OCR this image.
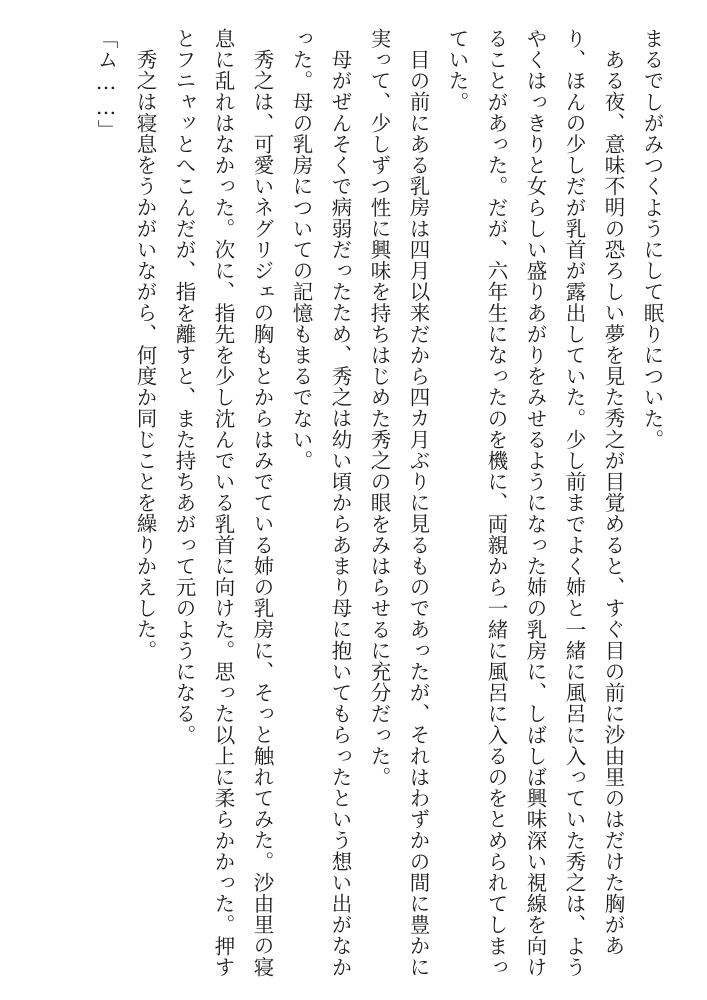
まるでしがみつくようにして眠りについた。

ある夜、意味不明の恐ろしい夢を見た秀之が目覚めると、すぐ目の前に沙由里のはだけた胸があり、ほんの少しだが乳首が露出していた。少し前までよく姉と一緒に風呂に入っていた秀之は、ようやくはっきりと女らしい盛りあがりをみせるようになった姉の乳房に、しばしば興味深い視線を向けることがあった。だが、六年生になったのを機に、両親から一緒に風呂に入るのをとめられてしまっていた。

目の前にある乳房は四月以来だから四カ月ぶりに見るものであったが、それはわずかの間に豊かに実って、少しずつ性に興味を持ちはじめた秀之の眼をみはらせるに充分だった。

母がぜんそくで病弱だったため、秀之は幼い頃からあまり母に抱いてもらったという想い出がなかった。母の乳房についての記憶もまるでない。

秀之は、可愛いネグリジェの胸もとからはみでている姉の乳房に、そっと触れてみた。沙由里の寝息に乱れはなかった。次に、指先を少し沈んでいる乳首に向けた。思った以上に柔らかかった。押すとフニャッとへこんだが、指を離すと、また持ちあがって元のようになる。

秀之は寝息をうかがいながら、何度か同じことを繰りかえした。

「ム……」
